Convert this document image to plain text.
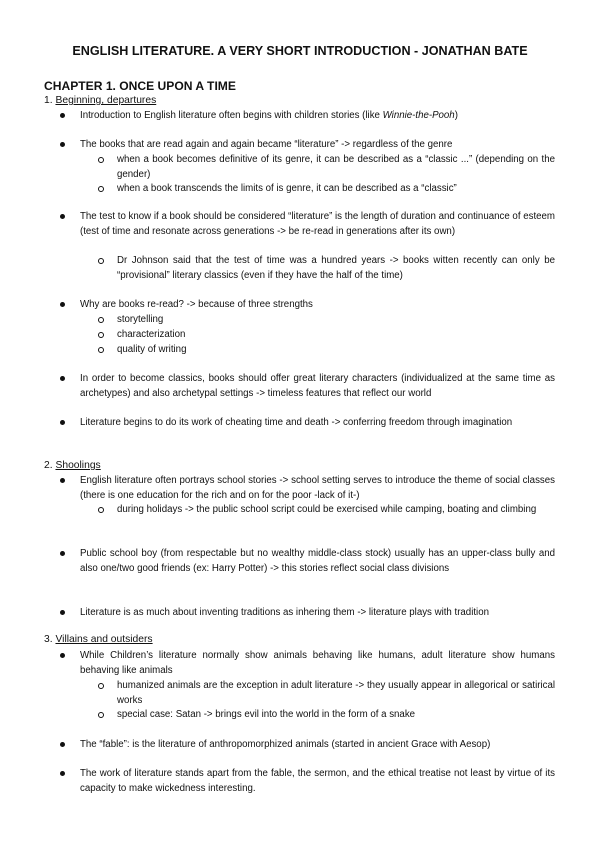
ENGLISH LITERATURE. A VERY SHORT INTRODUCTION - JONATHAN BATE
CHAPTER 1. ONCE UPON A TIME
1. Beginning, departures

Introduction to English literature often begins with children stories (like Winnie-the-Pooh)

The books that are read again and again became “literature” -> regardless of the genre

when a book becomes definitive of its genre, it can be described as a “classic ...” (depending on the gender)

when a book transcends the limits of is genre, it can be described as a “classic”

The test to know if a book should be considered “literature” is the length of duration and continuance of esteem (test of time and resonate across generations -> be re-read in generations after its own)

Dr Johnson said that the test of time was a hundred years -> books witten recently can only be “provisional” literary classics (even if they have the half of the time)

Why are books re-read? -> because of three strengths

storytelling

characterization

quality of writing

In order to become classics, books should offer great literary characters (individualized at the same time as archetypes) and also archetypal settings -> timeless features that reflect our world

Literature begins to do its work of cheating time and death -> conferring freedom through imagination

2. Shoolings

English literature often portrays school stories -> school setting serves to introduce the theme of social classes (there is one education for the rich and on for the poor -lack of it-)

during holidays -> the public school script could be exercised while camping, boating and climbing

Public school boy (from respectable but no wealthy middle-class stock) usually has an upper-class bully and also one/two good friends (ex: Harry Potter) -> this stories reflect social class divisions

Literature is as much about inventing traditions as inhering them -> literature plays with tradition

3. Villains and outsiders

While Children’s literature normally show animals behaving like humans, adult literature show humans behaving like animals

humanized animals are the exception in adult literature -> they usually appear in allegorical or satirical works

special case: Satan -> brings evil into the world in the form of a snake

The “fable”: is the literature of anthropomorphized animals (started in ancient Grace with Aesop)

The work of literature stands apart from the fable, the sermon, and the ethical treatise not least by virtue of its capacity to make wickedness interesting.
